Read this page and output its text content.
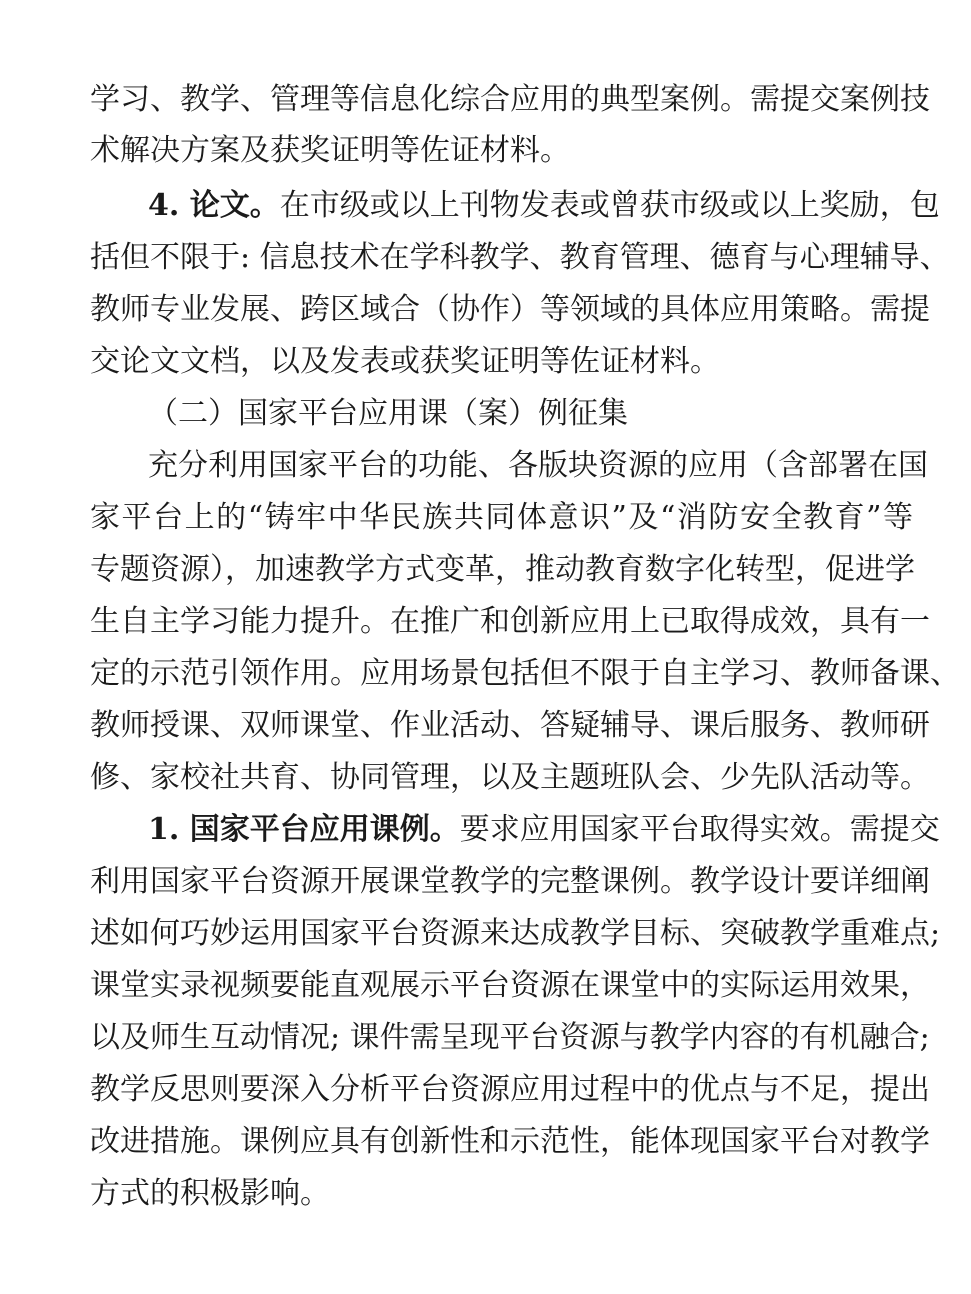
学习、教学、管理等信息化综合应用的典型案例。需提交案例技
术解决方案及获奖证明等佐证材料。
4. 论文。在市级或以上刊物发表或曾获市级或以上奖励，包
括但不限于: 信息技术在学科教学、教育管理、德育与心理辅导、
教师专业发展、跨区域合（协作）等领域的具体应用策略。需提
交论文文档，以及发表或获奖证明等佐证材料。
（二）国家平台应用课（案）例征集
充分利用国家平台的功能、各版块资源的应用（含部署在国
家平台上的“铸牢中华民族共同体意识”及“消防安全教育”等
专题资源），加速教学方式变革，推动教育数字化转型，促进学
生自主学习能力提升。在推广和创新应用上已取得成效，具有一
定的示范引领作用。应用场景包括但不限于自主学习、教师备课、
教师授课、双师课堂、作业活动、答疑辅导、课后服务、教师研
修、家校社共育、协同管理，以及主题班队会、少先队活动等。
1. 国家平台应用课例。要求应用国家平台取得实效。需提交
利用国家平台资源开展课堂教学的完整课例。教学设计要详细阐
述如何巧妙运用国家平台资源来达成教学目标、突破教学重难点;
课堂实录视频要能直观展示平台资源在课堂中的实际运用效果，
以及师生互动情况; 课件需呈现平台资源与教学内容的有机融合;
教学反思则要深入分析平台资源应用过程中的优点与不足，提出
改进措施。课例应具有创新性和示范性，能体现国家平台对教学
方式的积极影响。
